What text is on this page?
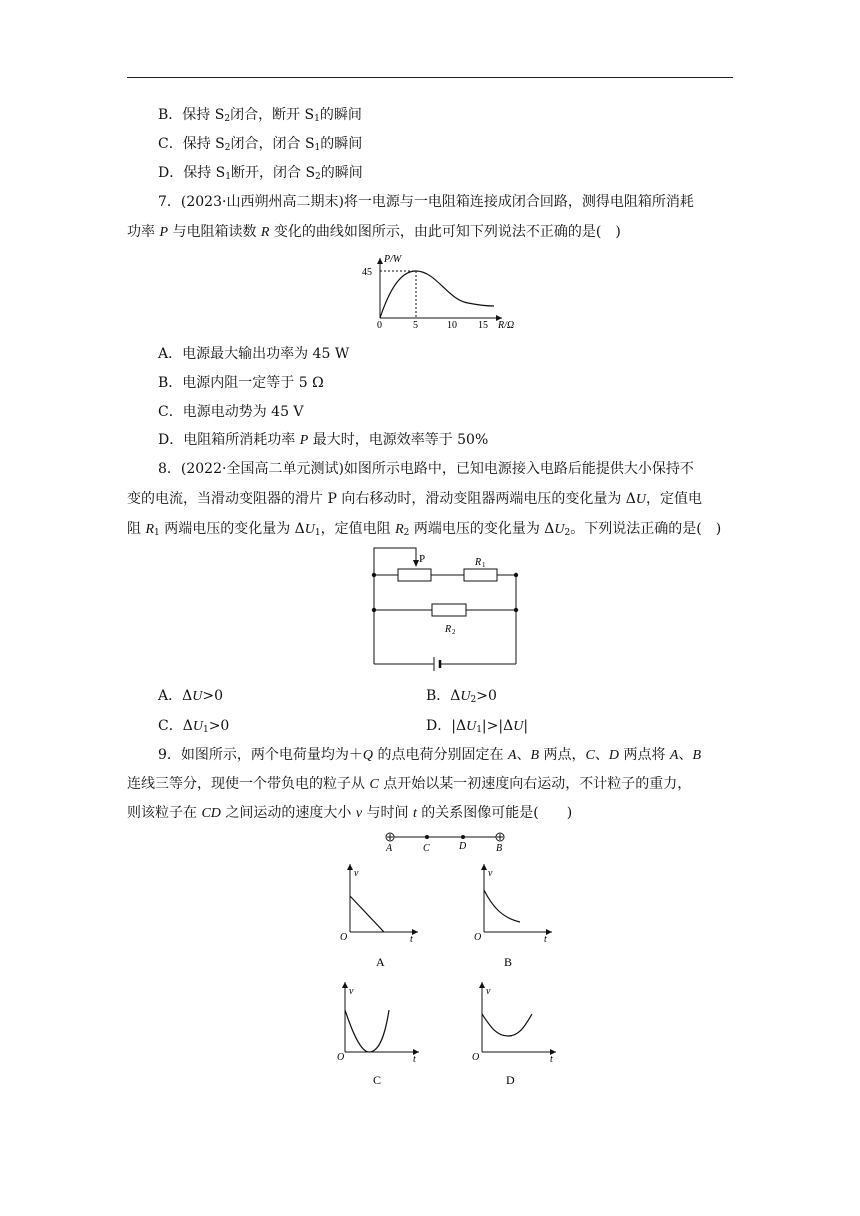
B．保持 $S_2$闭合，断开 $S_1$的瞬间
C．保持 $S_2$闭合，闭合 $S_1$的瞬间
D．保持 $S_1$断开，闭合 $S_2$的瞬间
7．(2023·山西朔州高二期末)将一电源与一电阻箱连接成闭合回路，测得电阻箱所消耗
功率 P 与电阻箱读数 R 变化的曲线如图所示，由此可知下列说法不正确的是(　)
P/W
45
0	5	10 15 R/Ω
A．电源最大输出功率为 45 W
B．电源内阻一定等于 5 Ω
C．电源电动势为 45 V
D．电阻箱所消耗功率 P 最大时，电源效率等于 50%
8．(2022·全国高二单元测试)如图所示电路中，已知电源接入电路后能提供大小保持不
变的电流，当滑动变阻器的滑片 P 向右移动时，滑动变阻器两端电压的变化量为 ΔU，定值电
阻 $R_1$ 两端电压的变化量为 $\Delta U_1$，定值电阻 $R_2$ 两端电压的变化量为 $\Delta U_2$。下列说法正确的是(　)
P	R 1
R 2
A．ΔU>0	B．$\Delta U_2>0$
C．$\Delta U_1>0$	D．$|\Delta U_1|>|\Delta U|$
9．如图所示，两个电荷量均为＋Q 的点电荷分别固定在 A、B 两点，C、D 两点将 A、B
连线三等分，现使一个带负电的粒子从 C 点开始以某一初速度向右运动，不计粒子的重力，
则该粒子在 CD 之间运动的速度大小 v 与时间 t 的关系图像可能是(　　)
A	C	D	B
v
O	t
A
v
O	t
B
v
O	t
C
v
O	t
D
